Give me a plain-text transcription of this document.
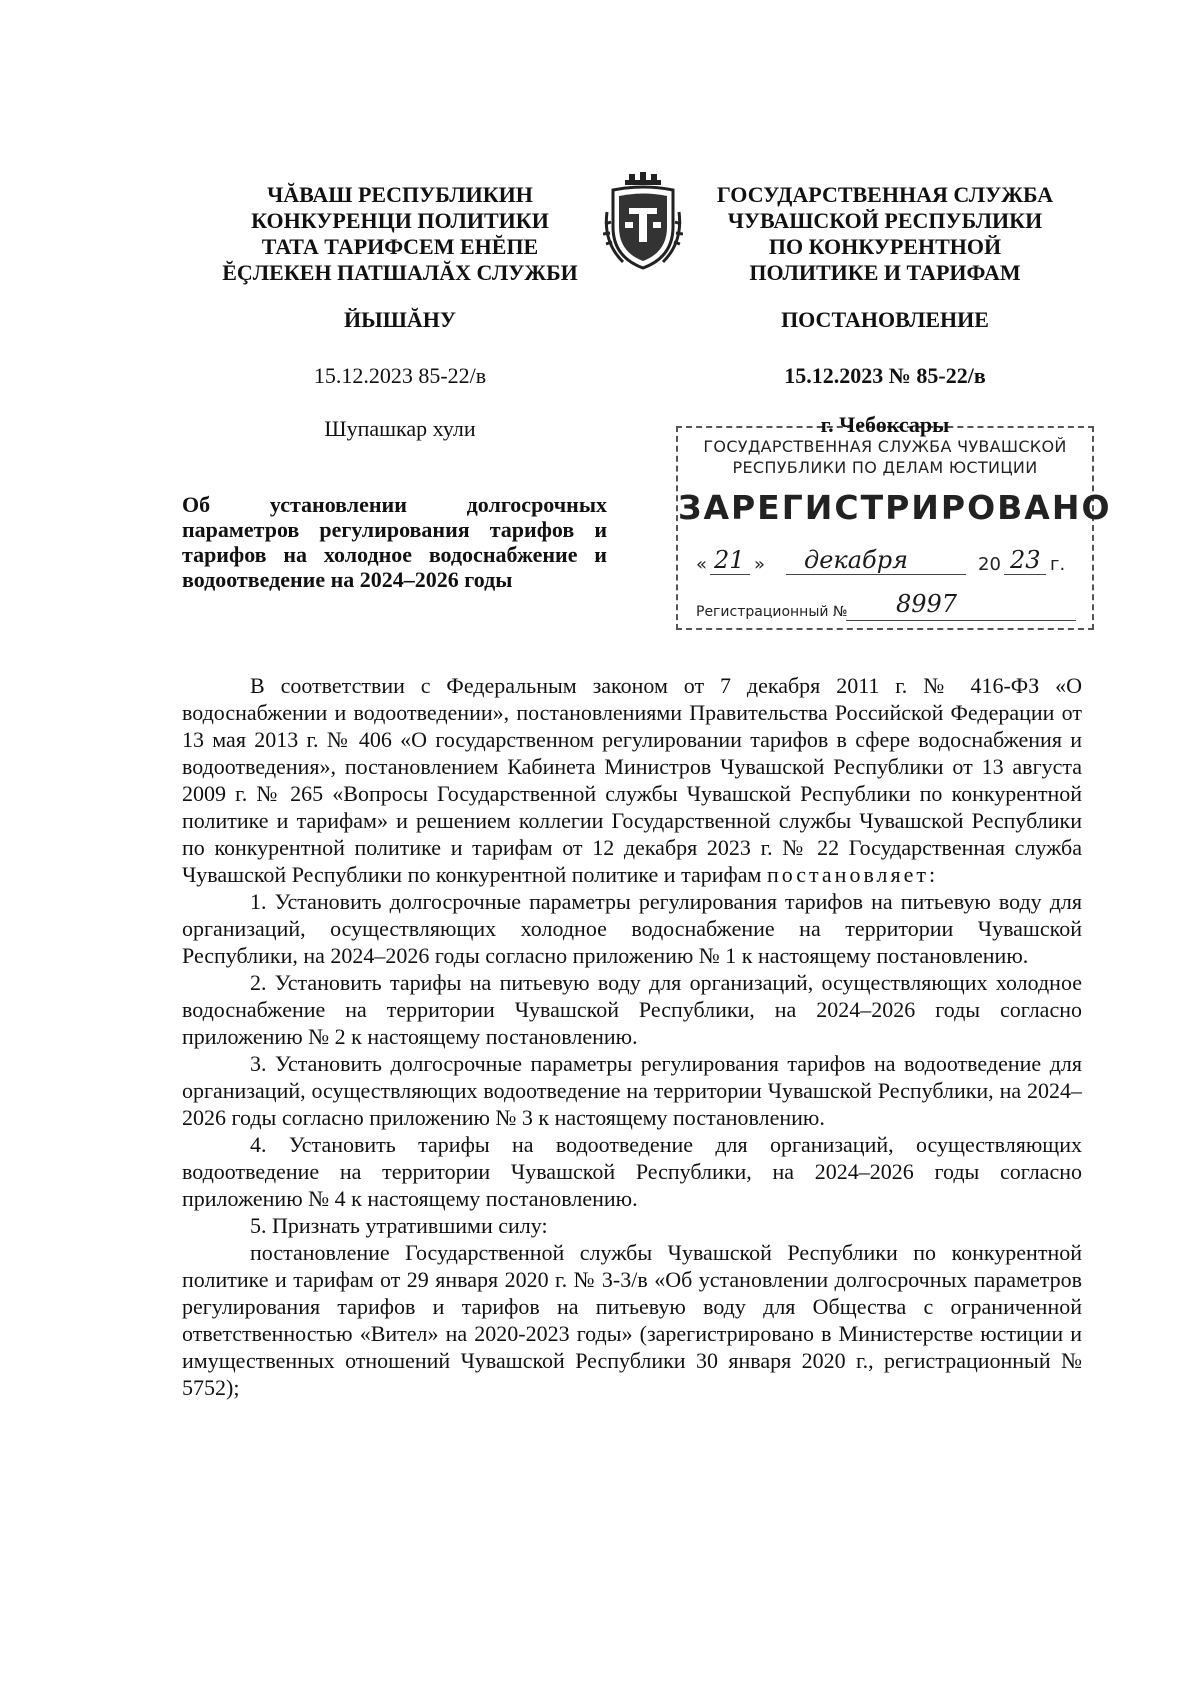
ЧĂВАШ РЕСПУБЛИКИН
КОНКУРЕНЦИ ПОЛИТИКИ
ТАТА ТАРИФСЕМ ЕНĔПЕ
ĔÇЛЕКЕН ПАТШАЛĂХ СЛУЖБИ
ГОСУДАРСТВЕННАЯ СЛУЖБА
ЧУВАШСКОЙ РЕСПУБЛИКИ
ПО КОНКУРЕНТНОЙ
ПОЛИТИКЕ И ТАРИФАМ
ЙЫШĂНУ	ПОСТАНОВЛЕНИЕ
15.12.2023 85-22/в	15.12.2023 № 85-22/в
Шупашкар хули
ГОСУДАРСТВЕННАЯ СЛУЖБА ЧУВАШСКОЙ
РЕСПУБЛИКИ ПО ДЕЛАМ ЮСТИЦИИ
ЗАРЕГИСТРИРОВАНО
« 21 » декабря	20 23 г.
Регистрационный № 8997
г. Чебоксары
Об установлении долгосрочных параметров регулирования тарифов и тарифов на холодное водоснабжение и водоотведение на 2024–2026 годы

В соответствии с Федеральным законом от 7 декабря 2011 г. № 416-ФЗ «О водоснабжении и водоотведении», постановлениями Правительства Российской Федерации от 13 мая 2013 г. № 406 «О государственном регулировании тарифов в сфере водоснабжения и водоотведения», постановлением Кабинета Министров Чувашской Республики от 13 августа 2009 г. № 265 «Вопросы Государственной службы Чувашской Республики по конкурентной политике и тарифам» и решением коллегии Государственной службы Чувашской Республики по конкурентной политике и тарифам от 12 декабря 2023 г. № 22 Государственная служба Чувашской Республики по конкурентной политике и тарифам постановляет:

1. Установить долгосрочные параметры регулирования тарифов на питьевую воду для организаций, осуществляющих холодное водоснабжение на территории Чувашской Республики, на 2024–2026 годы согласно приложению № 1 к настоящему постановлению.

2. Установить тарифы на питьевую воду для организаций, осуществляющих холодное водоснабжение на территории Чувашской Республики, на 2024–2026 годы согласно приложению № 2 к настоящему постановлению.

3. Установить долгосрочные параметры регулирования тарифов на водоотведение для организаций, осуществляющих водоотведение на территории Чувашской Республики, на 2024–2026 годы согласно приложению № 3 к настоящему постановлению.

4. Установить тарифы на водоотведение для организаций, осуществляющих водоотведение на территории Чувашской Республики, на 2024–2026 годы согласно приложению № 4 к настоящему постановлению.

5. Признать утратившими силу:

постановление Государственной службы Чувашской Республики по конкурентной политике и тарифам от 29 января 2020 г. № 3-3/в «Об установлении долгосрочных параметров регулирования тарифов и тарифов на питьевую воду для Общества с ограниченной ответственностью «Вител» на 2020-2023 годы» (зарегистрировано в Министерстве юстиции и имущественных отношений Чувашской Республики 30 января 2020 г., регистрационный № 5752);
